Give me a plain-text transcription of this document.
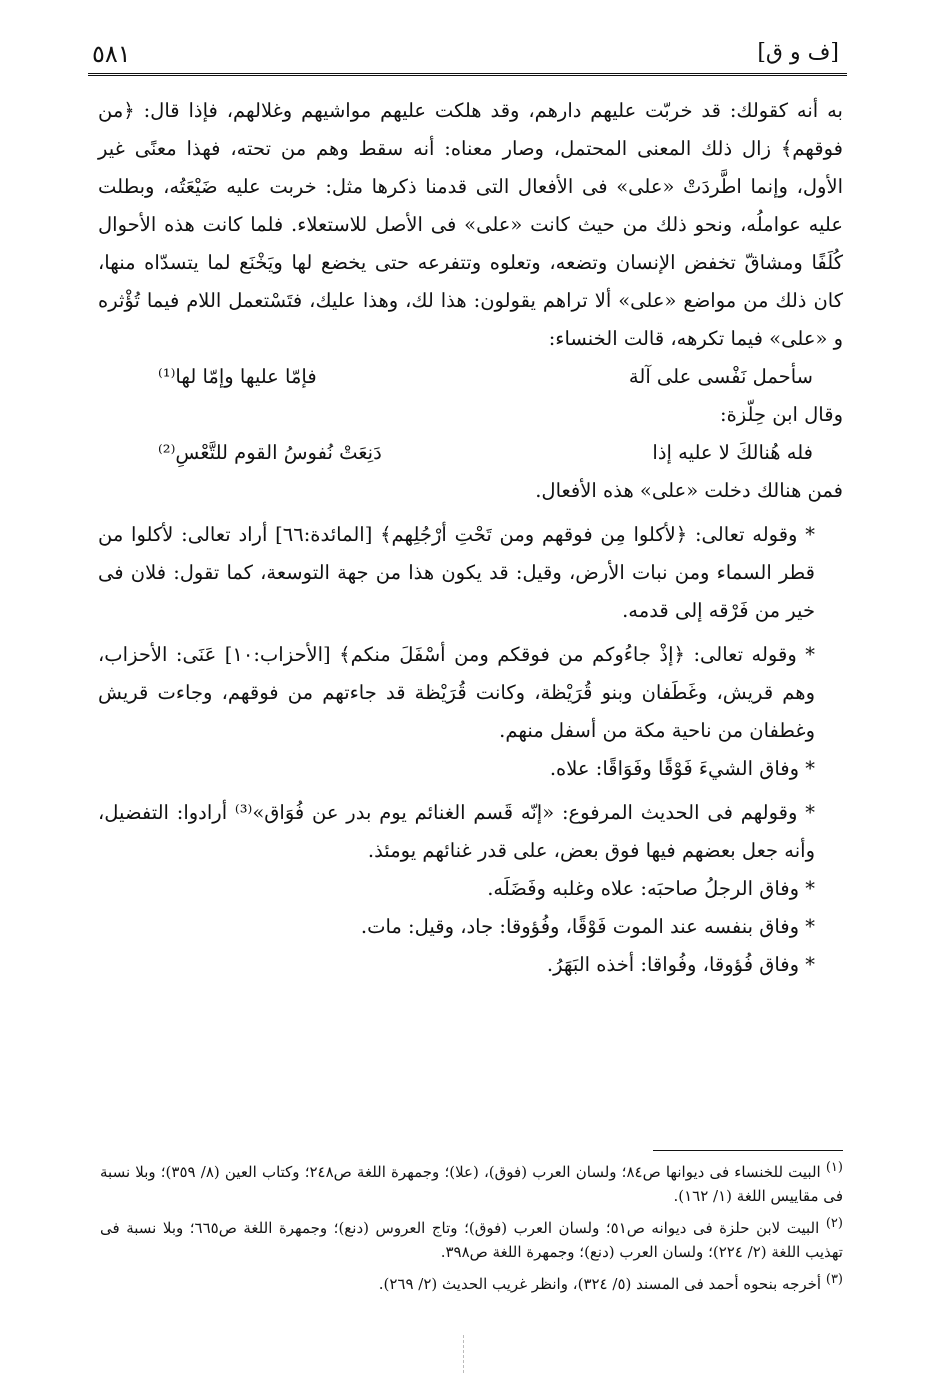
[ف و ق]
٥٨١

به أنه كقولك: قد خربّت عليهم دارهم، وقد هلكت عليهم مواشيهم وغلالهم، فإذا قال: ﴿من فوقهم﴾ زال ذلك المعنى المحتمل، وصار معناه: أنه سقط وهم من تحته، فهذا معنًى غير الأول، وإنما اطَّردَتْ «على» فى الأفعال التى قدمنا ذكرها مثل: خربت عليه ضَيْعَتُه، وبطلت عليه عواملُه، ونحو ذلك من حيث كانت «على» فى الأصل للاستعلاء. فلما كانت هذه الأحوال كُلَفًا ومشاقّ تخفض الإنسان وتضعه، وتعلوه وتتفرعه حتى يخضع لها ويَخْنَع لما يتسدّاه منها، كان ذلك من مواضع «على» ألا تراهم يقولون: هذا لك، وهذا عليك، فتَسْتعمل اللام فيما تُؤْثره و «على» فيما تكرهه، قالت الخنساء:

سأحمل نَفْسى على آلة
فإمّا عليها وإمّا لها⁽¹⁾

وقال ابن حِلّزة:

فله هُنالكَ لا عليه إذا
دَنِعَتْ نُفوسُ القوم للتَّعْسِ⁽²⁾

فمن هنالك دخلت «على» هذه الأفعال.

* وقوله تعالى: ﴿لأكلوا مِن فوقهم ومن تَحْتِ أرْجُلِهم﴾ [المائدة:٦٦] أراد تعالى: لأكلوا من قطر السماء ومن نبات الأرض، وقيل: قد يكون هذا من جهة التوسعة، كما تقول: فلان فى خير من فَرْقه إلى قدمه.

* وقوله تعالى: ﴿إذْ جاءُوكم من فوقكم ومن أسْفَلَ منكم﴾ [الأحزاب:١٠] عَنَى: الأحزاب، وهم قريش، وغَطَفان وبنو قُرَيْظة، وكانت قُرَيْظة قد جاءتهم من فوقهم، وجاءت قريش وغطفان من ناحية مكة من أسفل منهم.

* وفاق الشيءَ فَوْقًا وفَوَاقًا: علاه.

* وقولهم فى الحديث المرفوع: «إنّه قَسم الغنائم يوم بدر عن فُوَاق»⁽³⁾ أرادوا: التفضيل، وأنه جعل بعضهم فيها فوق بعض، على قدر غنائهم يومئذ.

* وفاق الرجلُ صاحبَه: علاه وغلبه وفَضَلَه.

* وفاق بنفسه عند الموت فَوْقًا، وفُؤوقا: جاد، وقيل: مات.

* وفاق فُؤوقا، وفُواقا: أخذه البَهَرُ.

(١) البيت للخنساء فى ديوانها ص٨٤؛ ولسان العرب (فوق)، (علا)؛ وجمهرة اللغة ص٢٤٨؛ وكتاب العين (٨/ ٣٥٩)؛ وبلا نسبة فى مقاييس اللغة (١/ ١٦٢).

(٢) البيت لابن حلزة فى ديوانه ص٥١؛ ولسان العرب (فوق)؛ وتاج العروس (دنع)؛ وجمهرة اللغة ص٦٦٥؛ وبلا نسبة فى تهذيب اللغة (٢/ ٢٢٤)؛ ولسان العرب (دنع)؛ وجمهرة اللغة ص٣٩٨.

(٣) أخرجه بنحوه أحمد فى المسند (٥/ ٣٢٤)، وانظر غريب الحديث (٢/ ٢٦٩).
